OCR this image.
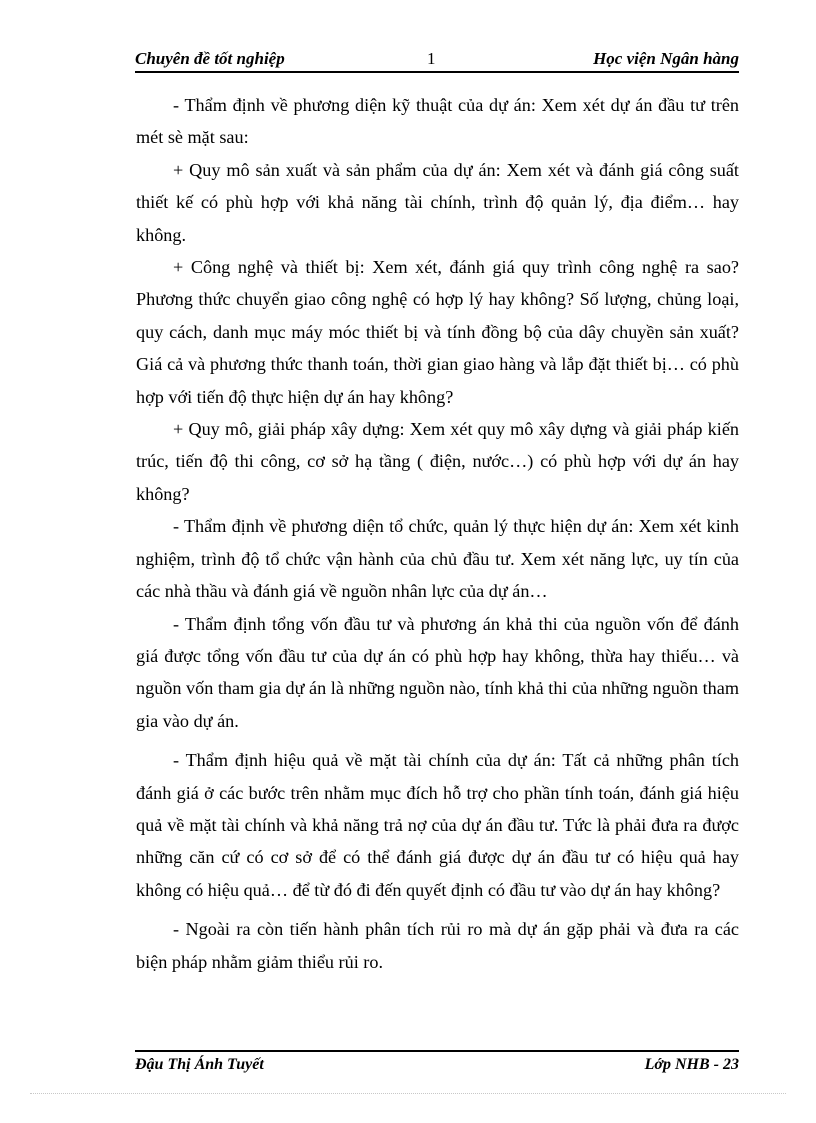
Chuyên đề tốt nghiệp	1	Học viện Ngân hàng

- Thẩm định về phương diện kỹ thuật của dự án: Xem xét dự án đầu tư trên mét sè mặt sau:

+ Quy mô sản xuất và sản phẩm của dự án: Xem xét và đánh giá công suất thiết kế có phù hợp với khả năng tài chính, trình độ quản lý, địa điểm… hay không.

+ Công nghệ và thiết bị: Xem xét, đánh giá quy trình công nghệ ra sao? Phương thức chuyển giao công nghệ có hợp lý hay không? Số lượng, chủng loại, quy cách, danh mục máy móc thiết bị và tính đồng bộ của dây chuyền sản xuất? Giá cả và phương thức thanh toán, thời gian giao hàng và lắp đặt thiết bị… có phù hợp với tiến độ thực hiện dự án hay không?

+ Quy mô, giải pháp xây dựng: Xem xét quy mô xây dựng và giải pháp kiến trúc, tiến độ thi công, cơ sở hạ tầng ( điện, nước…) có phù hợp với dự án hay không?

- Thẩm định về phương diện tổ chức, quản lý thực hiện dự án: Xem xét kinh nghiệm, trình độ tổ chức vận hành của chủ đầu tư. Xem xét năng lực, uy tín của các nhà thầu và đánh giá về nguồn nhân lực của dự án…

- Thẩm định tổng vốn đầu tư và phương án khả thi của nguồn vốn để đánh giá được tổng vốn đầu tư của dự án có phù hợp hay không, thừa hay thiếu… và nguồn vốn tham gia dự án là những nguồn nào, tính khả thi của những nguồn tham gia vào dự án.

- Thẩm định hiệu quả về mặt tài chính của dự án: Tất cả những phân tích đánh giá ở các bước trên nhằm mục đích hỗ trợ cho phần tính toán, đánh giá hiệu quả về mặt tài chính và khả năng trả nợ của dự án đầu tư. Tức là phải đưa ra được những căn cứ có cơ sở để có thể đánh giá được dự án đầu tư có hiệu quả hay không có hiệu quả… để từ đó đi đến quyết định có đầu tư vào dự án hay không?

- Ngoài ra còn tiến hành phân tích rủi ro mà dự án gặp phải và đưa ra các biện pháp nhằm giảm thiểu rủi ro.

Đậu Thị Ánh Tuyết	Lớp NHB - 23
